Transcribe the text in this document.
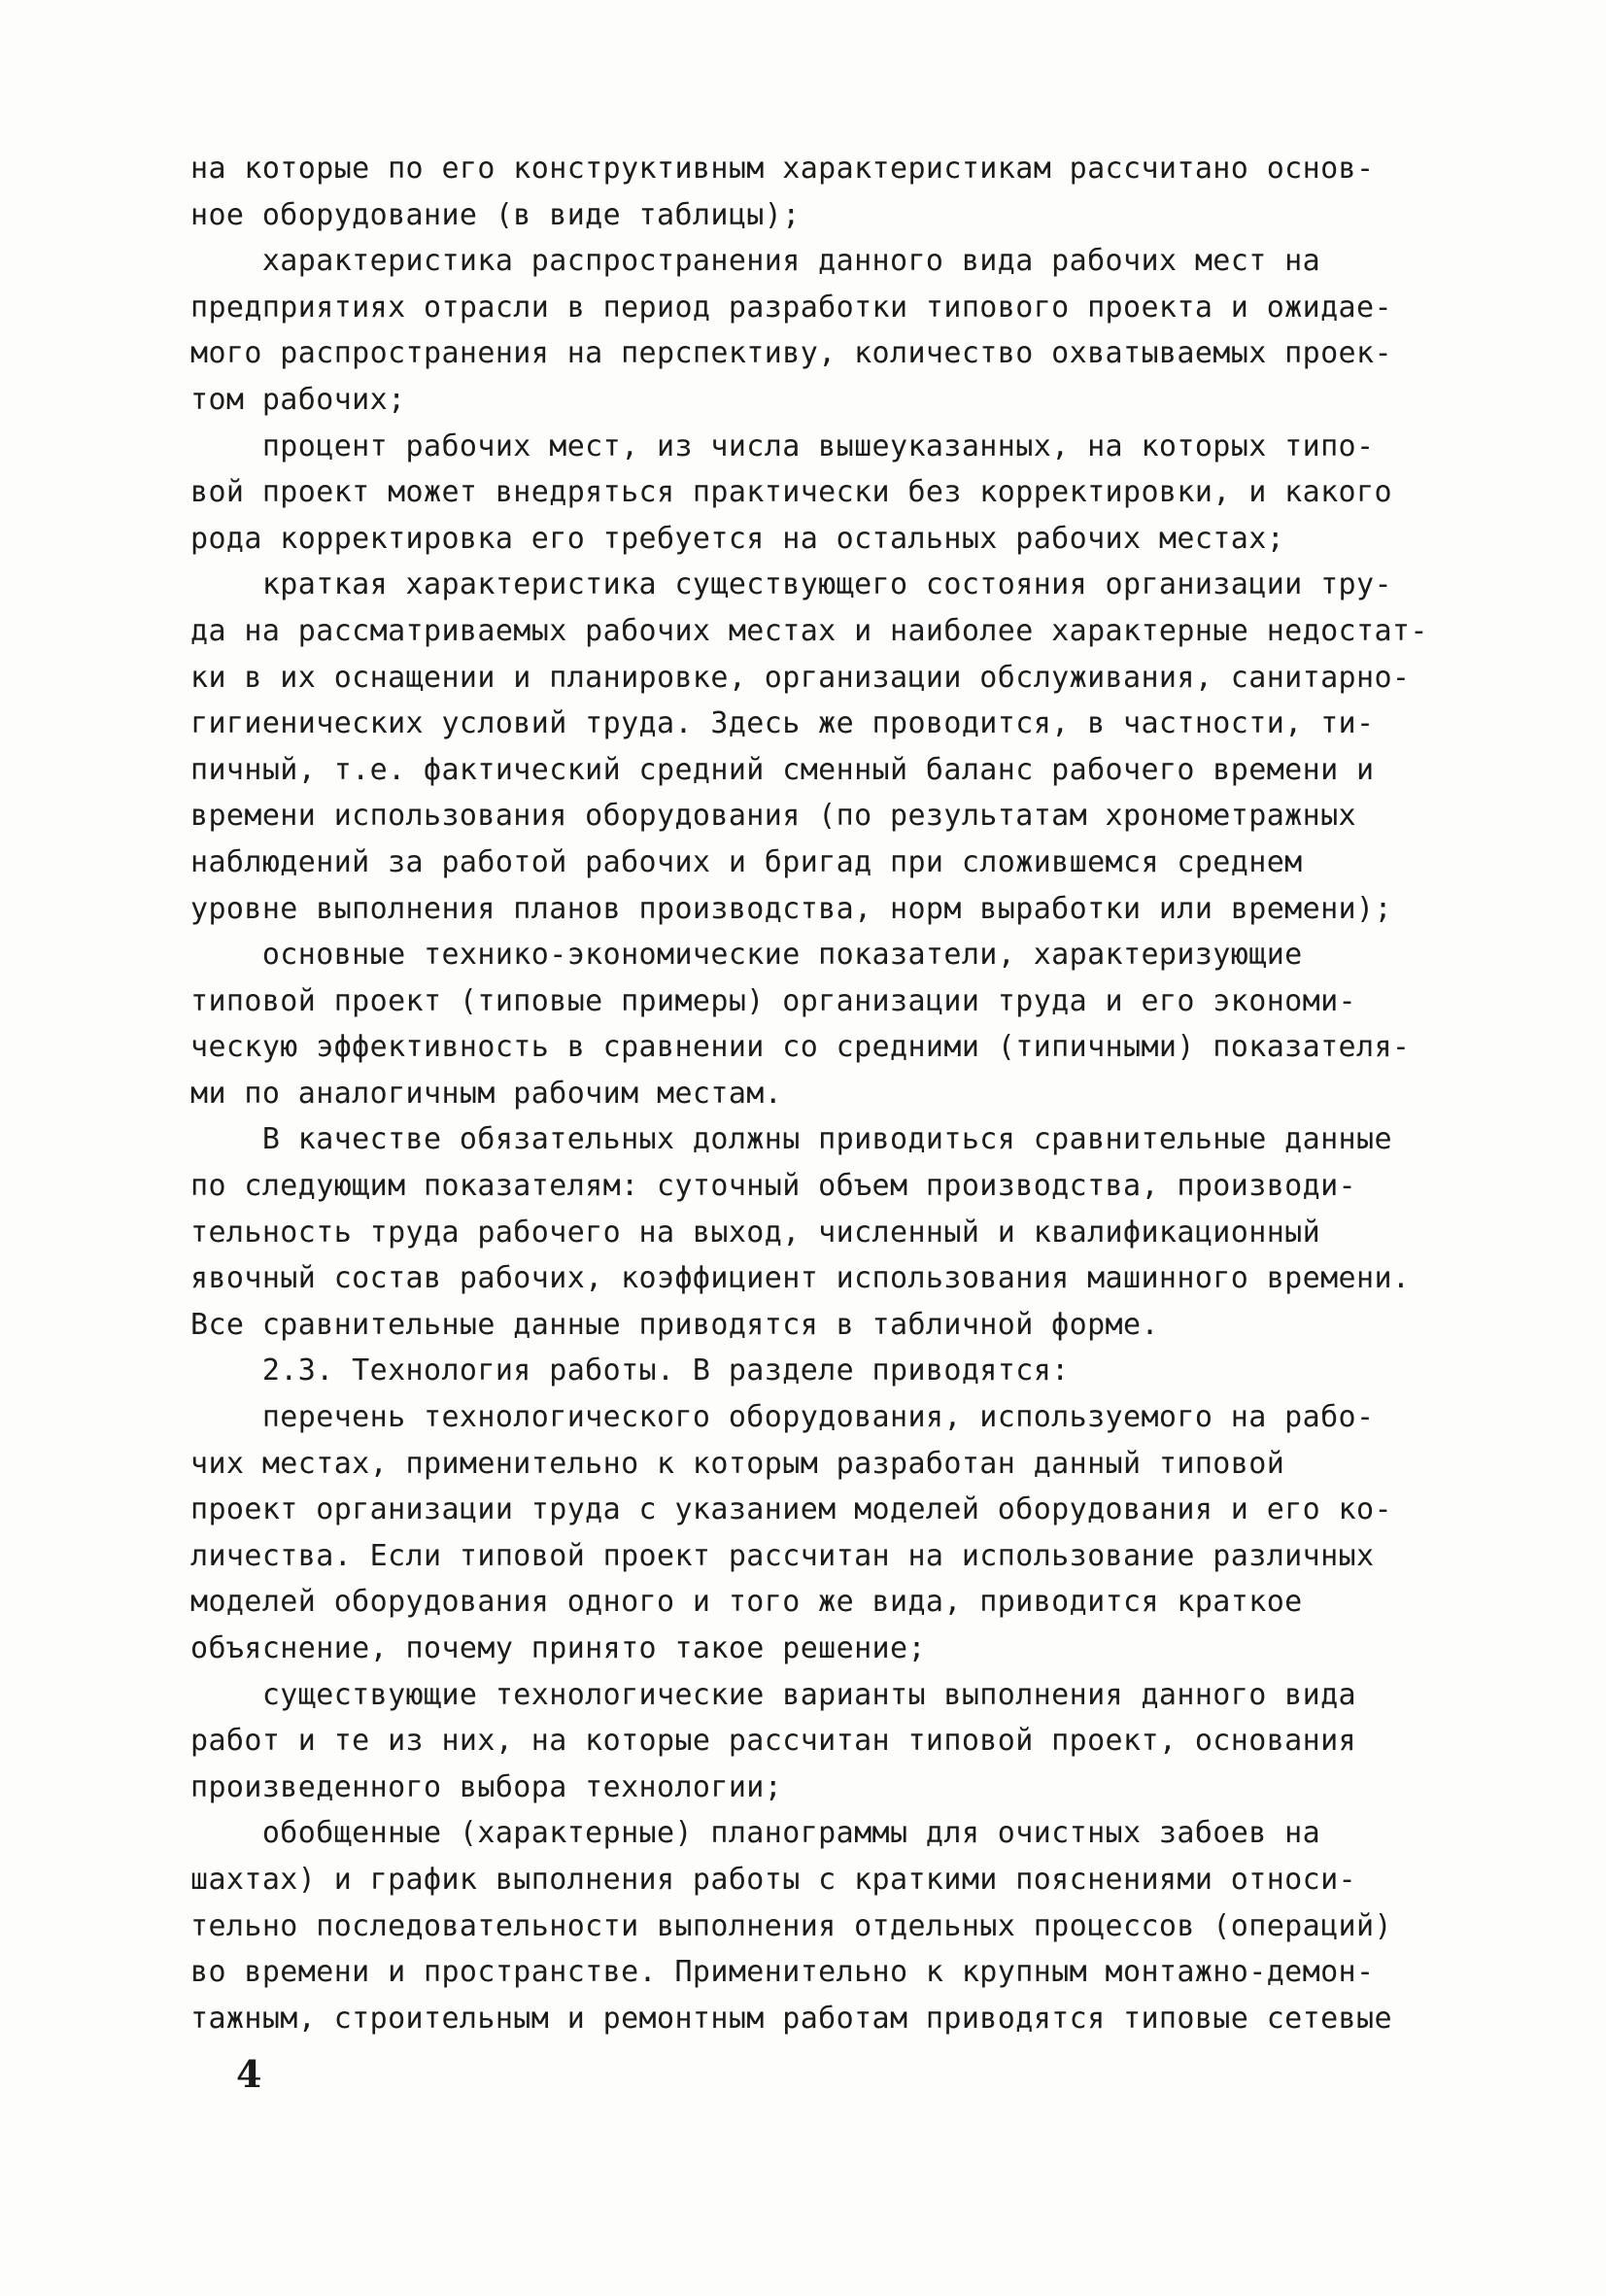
на которые по его конструктивным характеристикам рассчитано основ-
ное оборудование (в виде таблицы);
характеристика распространения данного вида рабочих мест на
предприятиях отрасли в период разработки типового проекта и ожидае-
мого распространения на перспективу, количество охватываемых проек-
том рабочих;
процент рабочих мест, из числа вышеуказанных, на которых типо-
вой проект может внедряться практически без корректировки, и какого
рода корректировка его требуется на остальных рабочих местах;
краткая характеристика существующего состояния организации тру-
да на рассматриваемых рабочих местах и наиболее характерные недостат-
ки в их оснащении и планировке, организации обслуживания, санитарно-
гигиенических условий труда. Здесь же проводится, в частности, ти-
пичный, т.е. фактический средний сменный баланс рабочего времени и
времени использования оборудования (по результатам хронометражных
наблюдений за работой рабочих и бригад при сложившемся среднем
уровне выполнения планов производства, норм выработки или времени);
основные технико-экономические показатели, характеризующие
типовой проект (типовые примеры) организации труда и его экономи-
ческую эффективность в сравнении со средними (типичными) показателя-
ми по аналогичным рабочим местам.
В качестве обязательных должны приводиться сравнительные данные
по следующим показателям: суточный объем производства, производи-
тельность труда рабочего на выход, численный и квалификационный
явочный состав рабочих, коэффициент использования машинного времени.
Все сравнительные данные приводятся в табличной форме.
2.3. Технология работы. В разделе приводятся:
перечень технологического оборудования, используемого на рабо-
чих местах, применительно к которым разработан данный типовой
проект организации труда с указанием моделей оборудования и его ко-
личества. Если типовой проект рассчитан на использование различных
моделей оборудования одного и того же вида, приводится краткое
объяснение, почему принято такое решение;
существующие технологические варианты выполнения данного вида
работ и те из них, на которые рассчитан типовой проект, основания
произведенного выбора технологии;
обобщенные (характерные) планограммы для очистных забоев на
шахтах) и график выполнения работы с краткими пояснениями относи-
тельно последовательности выполнения отдельных процессов (операций)
во времени и пространстве. Применительно к крупным монтажно-демон-
тажным, строительным и ремонтным работам приводятся типовые сетевые
4
